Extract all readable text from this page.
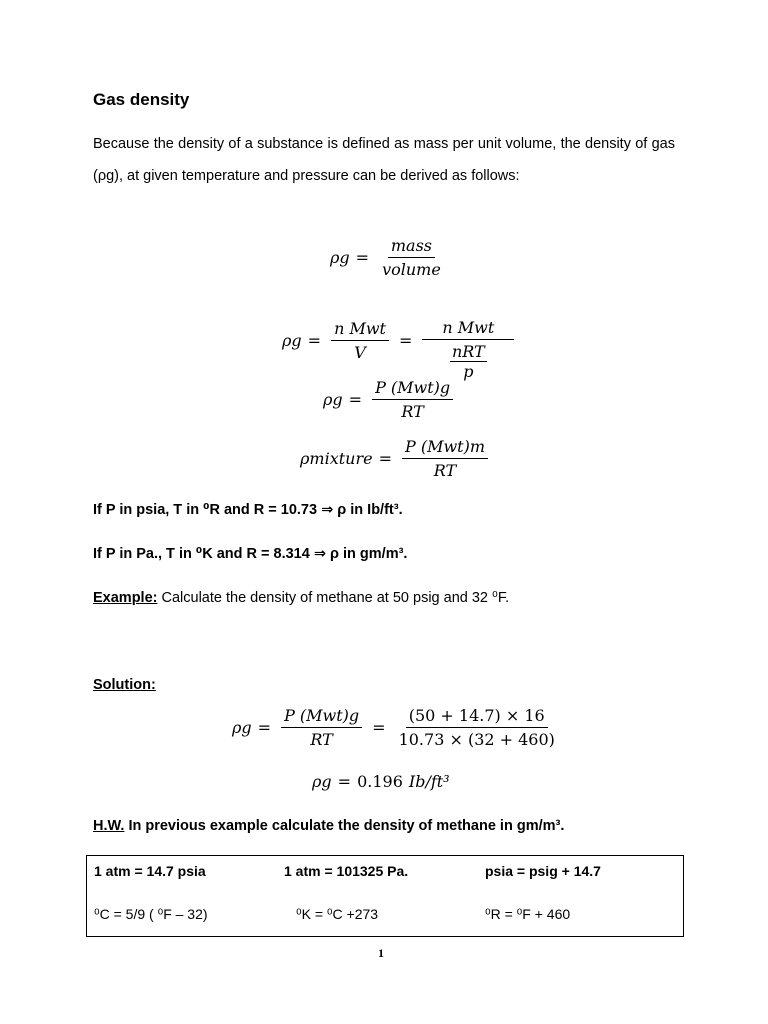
Gas density
Because the density of a substance is defined as mass per unit volume, the density of gas (ρg), at given temperature and pressure can be derived as follows:
$\rho g = \frac{\text{mass}}{\text{volume}}$
$\rho g = \frac{\text{n Mwt}}{V} = n$ Mwt
nRT
p
$\rho g = \frac{\text{P (Mwt)g}}{RT}$
ρmixture = $\frac{\text{P (Mwt)m}}{RT}$
If P in psia, T in ⁰R and R = 10.73 ⇒ ρ in Ib/ft³.
If P in Pa., T in ⁰K and R = 8.314 ⇒ ρ in gm/m³.
Example: Calculate the density of methane at 50 psig and 32 ⁰F.
Solution:
$\rho g = \frac{\text{P (Mwt)g}}{RT} = \frac{(50 + 14.7) \times 16}{10.73 \times (32 + 460)}$
ρg = 0.196 Ib/ft³
H.W. In previous example calculate the density of methane in gm/m³.
1 atm = 14.7 psia	1 atm = 101325 Pa.	psia = psig + 14.7
⁰C = 5/9 ( ⁰F – 32)	⁰K = ⁰C +273	⁰R = ⁰F + 460
1
